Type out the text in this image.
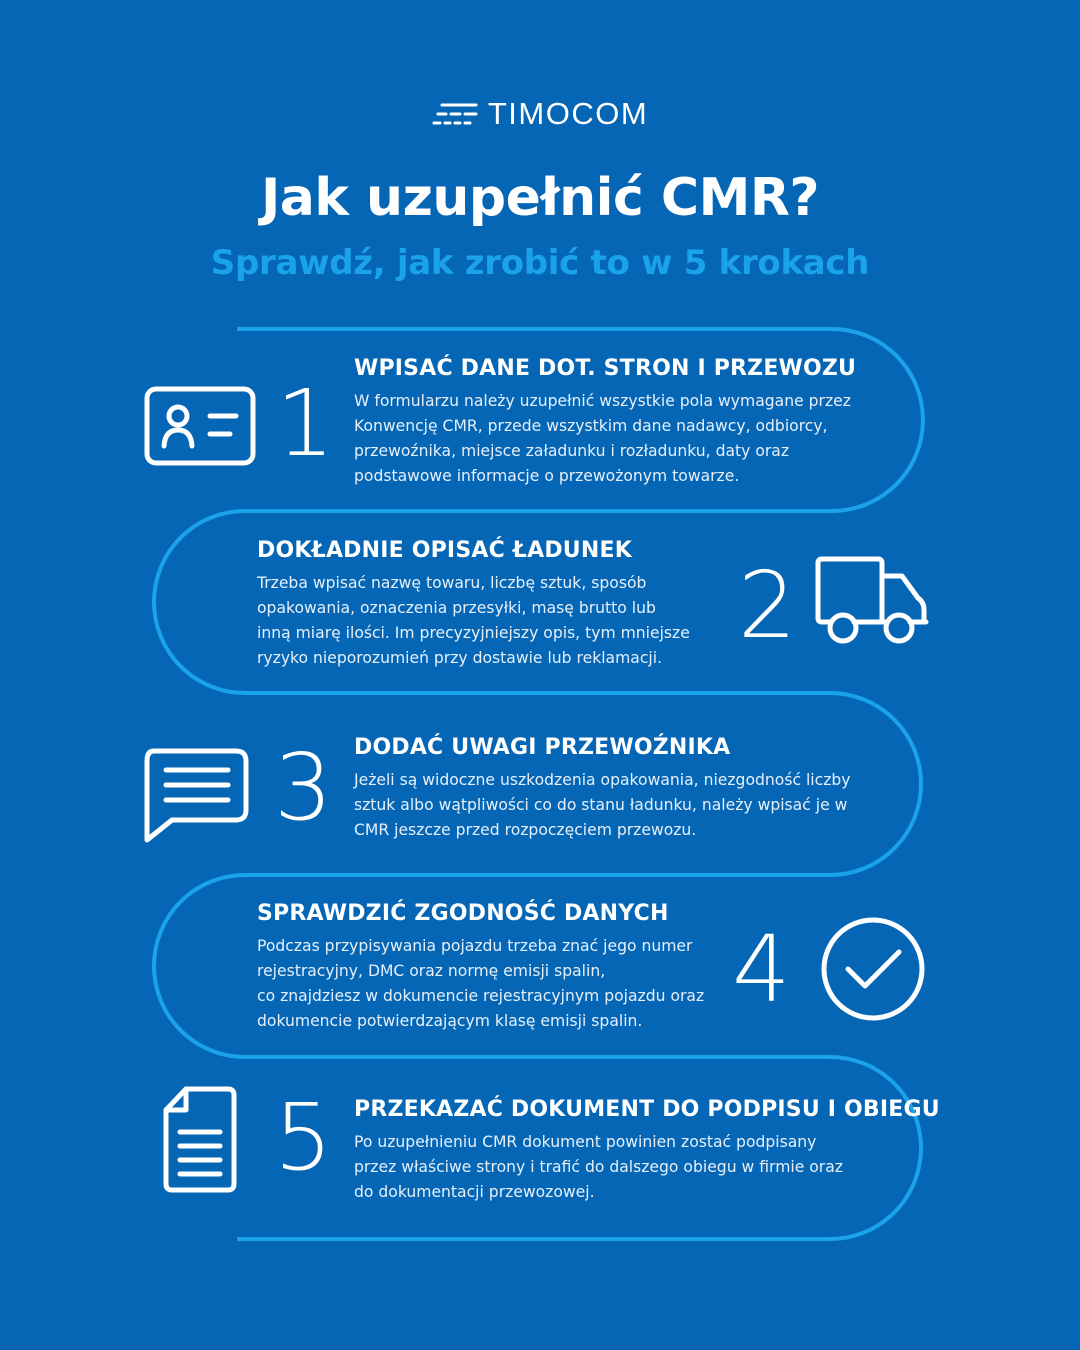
TIMOCOM
Jak uzupełnić CMR?
Sprawdź, jak zrobić to w 5 krokach
1
WPISAĆ DANE DOT. STRON I PRZEWOZU
W formularzu należy uzupełnić wszystkie pola wymagane przez
Konwencję CMR, przede wszystkim dane nadawcy, odbiorcy,
przewoźnika, miejsce załadunku i rozładunku, daty oraz
podstawowe informacje o przewożonym towarze.
DOKŁADNIE OPISAĆ ŁADUNEK
Trzeba wpisać nazwę towaru, liczbę sztuk, sposób
opakowania, oznaczenia przesyłki, masę brutto lub
inną miarę ilości. Im precyzyjniejszy opis, tym mniejsze
ryzyko nieporozumień przy dostawie lub reklamacji. 2
3 DODAĆ UWAGI PRZEWOŹNIKA
Jeżeli są widoczne uszkodzenia opakowania, niezgodność liczby
sztuk albo wątpliwości co do stanu ładunku, należy wpisać je w
CMR jeszcze przed rozpoczęciem przewozu.
SPRAWDZIĆ ZGODNOŚĆ DANYCH
Podczas przypisywania pojazdu trzeba znać jego numer
rejestracyjny, DMC oraz normę emisji spalin,
co znajdziesz w dokumencie rejestracyjnym pojazdu oraz
dokumencie potwierdzającym klasę emisji spalin. 4
5 PRZEKAZAĆ DOKUMENT DO PODPISU I OBIEGU
Po uzupełnieniu CMR dokument powinien zostać podpisany
przez właściwe strony i trafić do dalszego obiegu w firmie oraz
do dokumentacji przewozowej.
